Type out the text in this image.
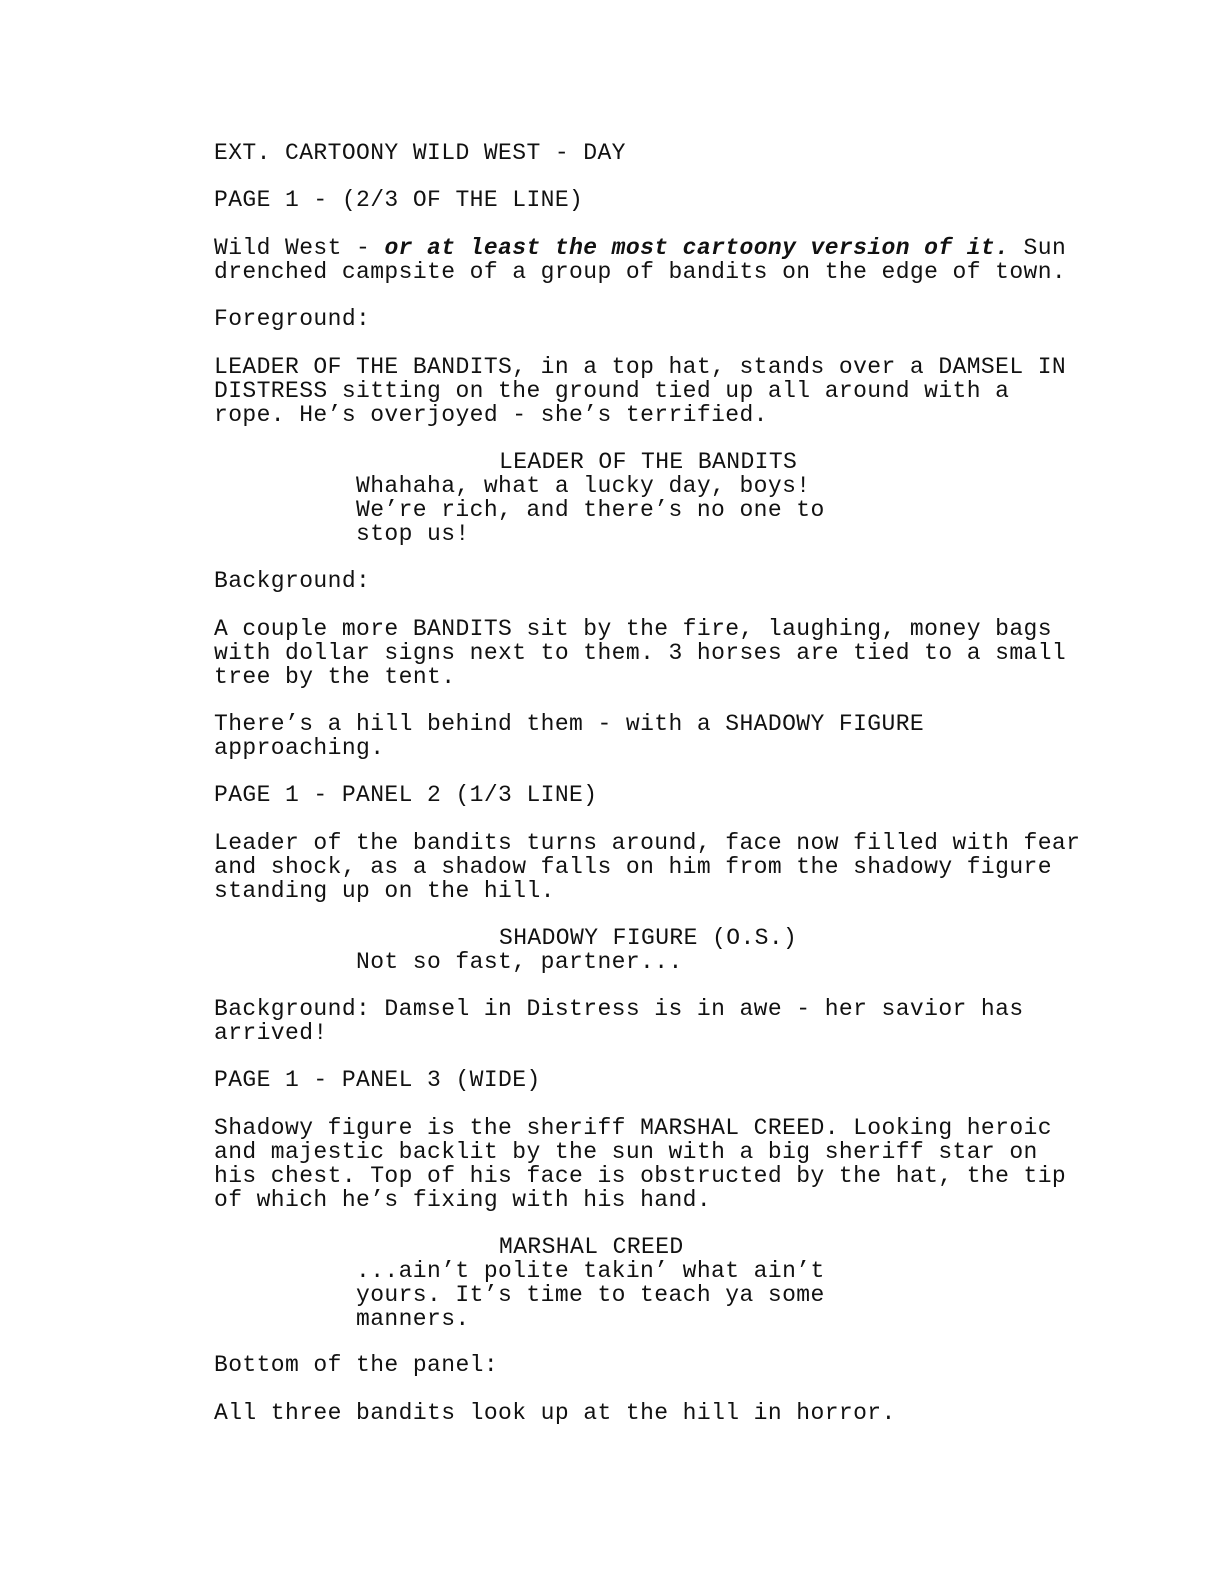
EXT. CARTOONY WILD WEST - DAY
PAGE 1 - (2/3 OF THE LINE)
Wild West - or at least the most cartoony version of it. Sun
drenched campsite of a group of bandits on the edge of town.
Foreground:
LEADER OF THE BANDITS, in a top hat, stands over a DAMSEL IN
DISTRESS sitting on the ground tied up all around with a
rope. He’s overjoyed - she’s terrified.
LEADER OF THE BANDITS
Whahaha, what a lucky day, boys!
We’re rich, and there’s no one to
stop us!
Background:
A couple more BANDITS sit by the fire, laughing, money bags
with dollar signs next to them. 3 horses are tied to a small
tree by the tent.
There’s a hill behind them - with a SHADOWY FIGURE
approaching.
PAGE 1 - PANEL 2 (1/3 LINE)
Leader of the bandits turns around, face now filled with fear
and shock, as a shadow falls on him from the shadowy figure
standing up on the hill.
SHADOWY FIGURE (O.S.)
Not so fast, partner...
Background: Damsel in Distress is in awe - her savior has
arrived!
PAGE 1 - PANEL 3 (WIDE)
Shadowy figure is the sheriff MARSHAL CREED. Looking heroic
and majestic backlit by the sun with a big sheriff star on
his chest. Top of his face is obstructed by the hat, the tip
of which he’s fixing with his hand.
MARSHAL CREED
...ain’t polite takin’ what ain’t
yours. It’s time to teach ya some
manners.
Bottom of the panel:
All three bandits look up at the hill in horror.
